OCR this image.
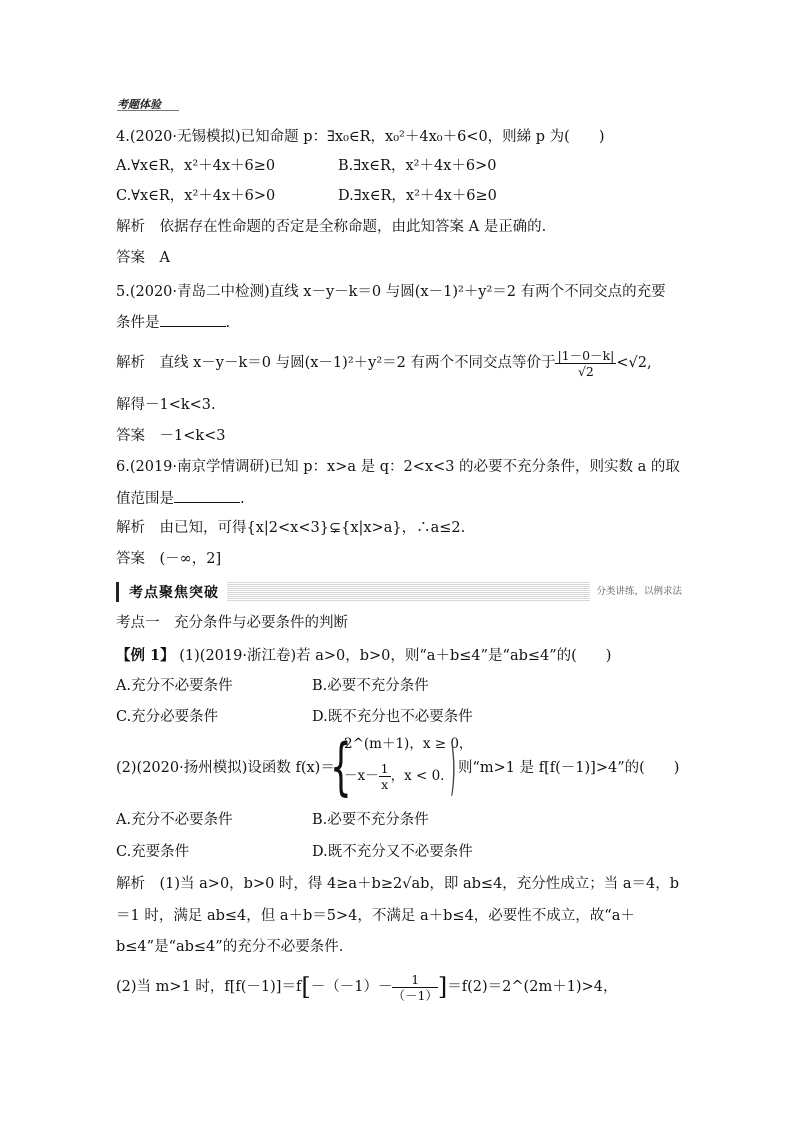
考题体验
4.(2020·无锡模拟)已知命题 p：∃x₀∈R，x₀²＋4x₀＋6<0，则綈 p 为(　　)
A.∀x∈R，x²＋4x＋6≥0	B.∃x∈R，x²＋4x＋6>0
C.∀x∈R，x²＋4x＋6>0	D.∃x∈R，x²＋4x＋6≥0
解析　依据存在性命题的否定是全称命题，由此知答案 A 是正确的.
答案　A
5.(2020·青岛二中检测)直线 x－y－k＝0 与圆(x－1)²＋y²＝2 有两个不同交点的充要
条件是	.
解析　直线 x－y－k＝0 与圆(x－1)²＋y²＝2 有两个不同交点等价于 $\frac{|1-0-k|}{√2} <√2$,
解得－1<k<3.
答案　－1<k<3
6.(2019·南京学情调研)已知 p：x>a 是 q：2<x<3 的必要不充分条件，则实数 a 的取
值范围是	.
解析　由已知，可得{x|2<x<3}⊊{x|x>a}，∴a≤2.
答案　(－∞，2]
考点聚焦突破	分类讲练，以例求法
考点一　充分条件与必要条件的判断
【例 1】 (1)(2019·浙江卷)若 a>0，b>0，则“a＋b≤4”是“ab≤4”的(　　)
A.充分不必要条件	B.必要不充分条件
C.充分必要条件	D.既不充分也不必要条件
(2)(2020·扬州模拟)设函数 f(x)＝
{
2^(m＋1)，x ≥ 0，
$-x- \frac{1}{x}$ ，x < 0. ) 则“m>1 是 f[f(－1)]>4”的(　　)
A.充分不必要条件	B.必要不充分条件
C.充要条件	D.既不充分又不必要条件
解析　(1)当 a>0，b>0 时，得 4≥a＋b≥2√ab，即 ab≤4，充分性成立；当 a＝4，b
＝1 时，满足 ab≤4，但 a＋b＝5>4，不满足 a＋b≤4，必要性不成立，故“a＋
b≤4”是“ab≤4”的充分不必要条件.
(2)当 m>1 时，$f[f(-1)]=f[-(-1)- \frac{1}{(-1)}$ ]＝f(2)＝2^(2m＋1)>4，
